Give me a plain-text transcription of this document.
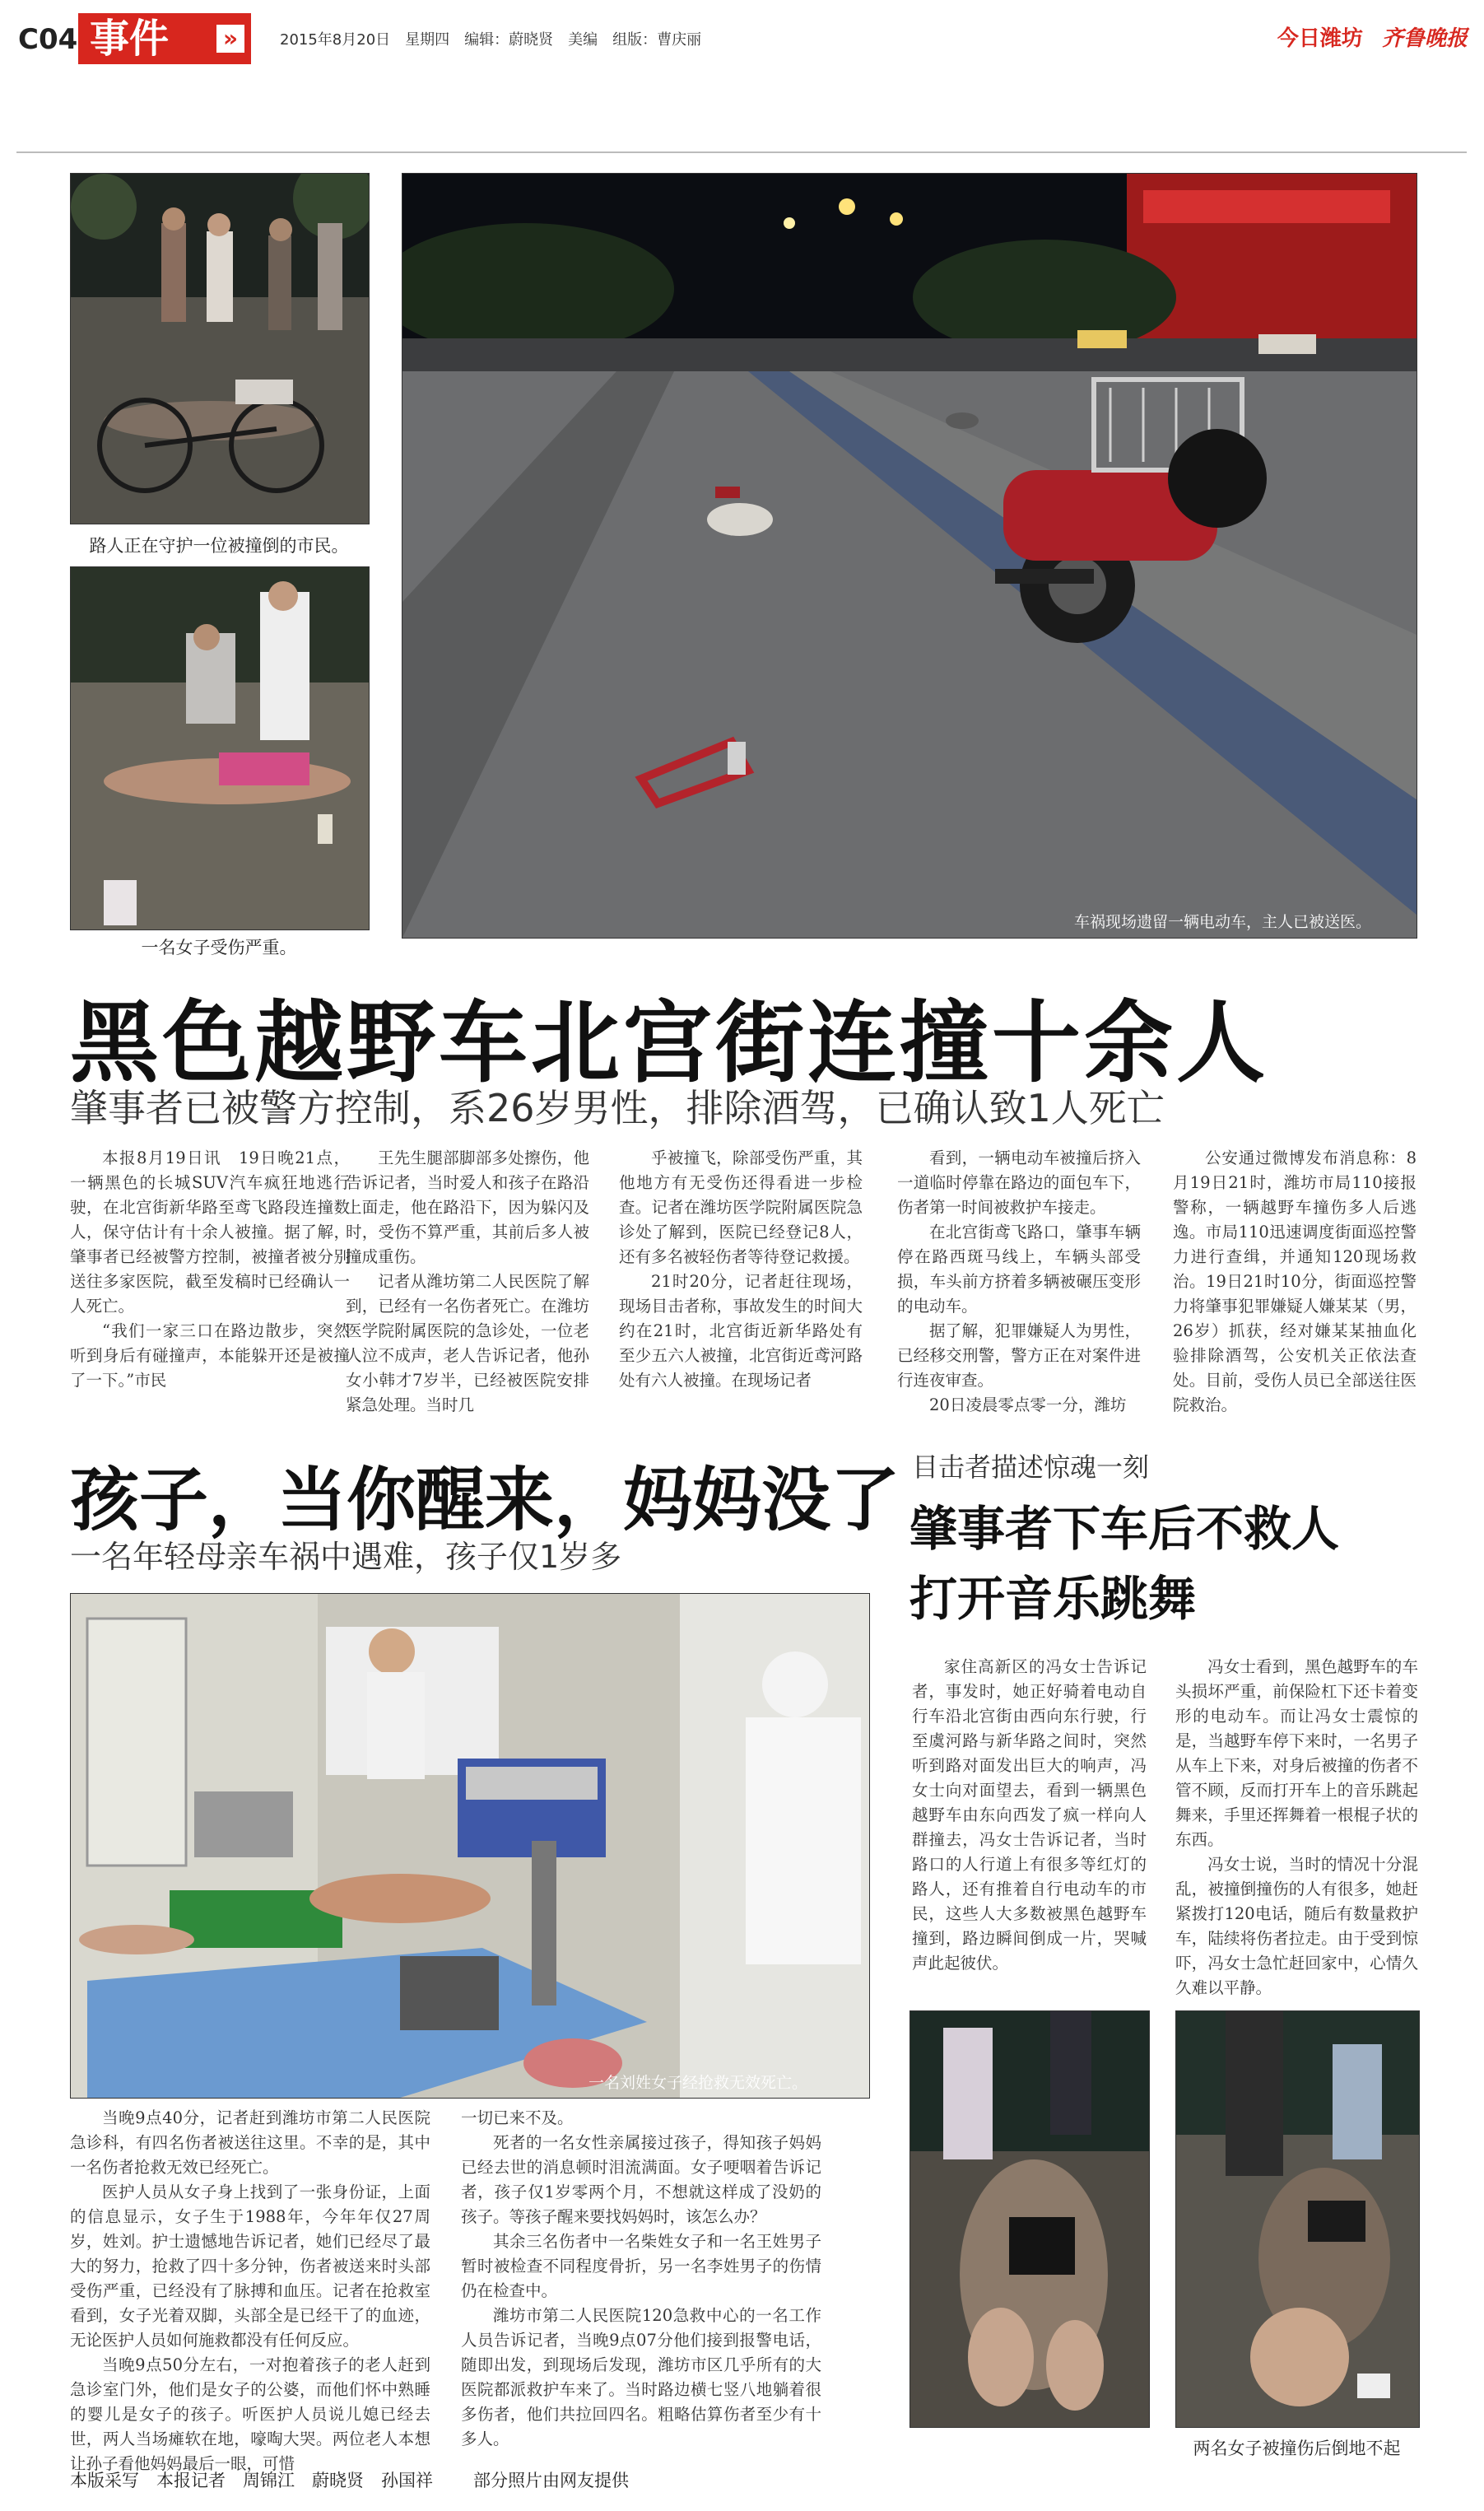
C04 事件 »	2015年8月20日　星期四　编辑：蔚晓贤　美编　组版：曹庆丽	今日潍坊 齐鲁晚报
路人正在守护一位被撞倒的市民。
一名女子受伤严重。
车祸现场遗留一辆电动车，主人已被送医。
黑色越野车北宫街连撞十余人
肇事者已被警方控制，系26岁男性，排除酒驾，已确认致1人死亡

本报8月19日讯　19日晚21点，一辆黑色的长城SUV汽车疯狂地逃行驶，在北宫街新华路至鸢飞路段连撞数人，保守估计有十余人被撞。据了解，肇事者已经被警方控制，被撞者被分别送往多家医院，截至发稿时已经确认一人死亡。

“我们一家三口在路边散步，突然听到身后有碰撞声，本能躲开还是被撞了一下。”市民

王先生腿部脚部多处擦伤，他告诉记者，当时爱人和孩子在路沿上面走，他在路沿下，因为躲闪及时，受伤不算严重，其前后多人被撞成重伤。

记者从潍坊第二人民医院了解到，已经有一名伤者死亡。在潍坊医学院附属医院的急诊处，一位老人泣不成声，老人告诉记者，他孙女小韩才7岁半，已经被医院安排紧急处理。当时几

乎被撞飞，除部受伤严重，其他地方有无受伤还得看进一步检查。记者在潍坊医学院附属医院急诊处了解到，医院已经登记8人，还有多名被轻伤者等待登记救援。

21时20分，记者赶往现场，现场目击者称，事故发生的时间大约在21时，北宫街近新华路处有至少五六人被撞，北宫街近鸢河路处有六人被撞。在现场记者

看到，一辆电动车被撞后挤入一道临时停靠在路边的面包车下，伤者第一时间被救护车接走。

在北宫街鸢飞路口，肇事车辆停在路西斑马线上，车辆头部受损，车头前方挤着多辆被碾压变形的电动车。

据了解，犯罪嫌疑人为男性，已经移交刑警，警方正在对案件进行连夜审查。

20日凌晨零点零一分，潍坊

公安通过微博发布消息称：8月19日21时，潍坊市局110接报警称，一辆越野车撞伤多人后逃逸。市局110迅速调度街面巡控警力进行查缉，并通知120现场救治。19日21时10分，街面巡控警力将肇事犯罪嫌疑人嫌某某（男，26岁）抓获，经对嫌某某抽血化验排除酒驾，公安机关正依法查处。目前，受伤人员已全部送往医院救治。

孩子，当你醒来，妈妈没了
一名年轻母亲车祸中遇难，孩子仅1岁多
一名刘姓女子经抢救无效死亡。

当晚9点40分，记者赶到潍坊市第二人民医院急诊科，有四名伤者被送往这里。不幸的是，其中一名伤者抢救无效已经死亡。

医护人员从女子身上找到了一张身份证，上面的信息显示，女子生于1988年，今年年仅27周岁，姓刘。护士遗憾地告诉记者，她们已经尽了最大的努力，抢救了四十多分钟，伤者被送来时头部受伤严重，已经没有了脉搏和血压。记者在抢救室看到，女子光着双脚，头部全是已经干了的血迹，无论医护人员如何施救都没有任何反应。

当晚9点50分左右，一对抱着孩子的老人赶到急诊室门外，他们是女子的公婆，而他们怀中熟睡的婴儿是女子的孩子。听医护人员说儿媳已经去世，两人当场瘫软在地，嚎啕大哭。两位老人本想让孙子看他妈妈最后一眼，可惜

一切已来不及。

死者的一名女性亲属接过孩子，得知孩子妈妈已经去世的消息顿时泪流满面。女子哽咽着告诉记者，孩子仅1岁零两个月，不想就这样成了没奶的孩子。等孩子醒来要找妈妈时，该怎么办？

其余三名伤者中一名柴姓女子和一名王姓男子暂时被检查不同程度骨折，另一名李姓男子的伤情仍在检查中。

潍坊市第二人民医院120急救中心的一名工作人员告诉记者，当晚9点07分他们接到报警电话，随即出发，到现场后发现，潍坊市区几乎所有的大医院都派救护车来了。当时路边横七竖八地躺着很多伤者，他们共拉回四名。粗略估算伤者至少有十多人。

本版采写　本报记者　周锦江　蔚晓贤　孙国祥 部分照片由网友提供
目击者描述惊魂一刻
肇事者下车后不救人
打开音乐跳舞

家住高新区的冯女士告诉记者，事发时，她正好骑着电动自行车沿北宫街由西向东行驶，行至虞河路与新华路之间时，突然听到路对面发出巨大的响声，冯女士向对面望去，看到一辆黑色越野车由东向西发了疯一样向人群撞去，冯女士告诉记者，当时路口的人行道上有很多等红灯的路人，还有推着自行电动车的市民，这些人大多数被黑色越野车撞到，路边瞬间倒成一片，哭喊声此起彼伏。

冯女士看到，黑色越野车的车头损坏严重，前保险杠下还卡着变形的电动车。而让冯女士震惊的是，当越野车停下来时，一名男子从车上下来，对身后被撞的伤者不管不顾，反而打开车上的音乐跳起舞来，手里还挥舞着一根棍子状的东西。

冯女士说，当时的情况十分混乱，被撞倒撞伤的人有很多，她赶紧拨打120电话，随后有数量救护车，陆续将伤者拉走。由于受到惊吓，冯女士急忙赶回家中，心情久久难以平静。

两名女子被撞伤后倒地不起
